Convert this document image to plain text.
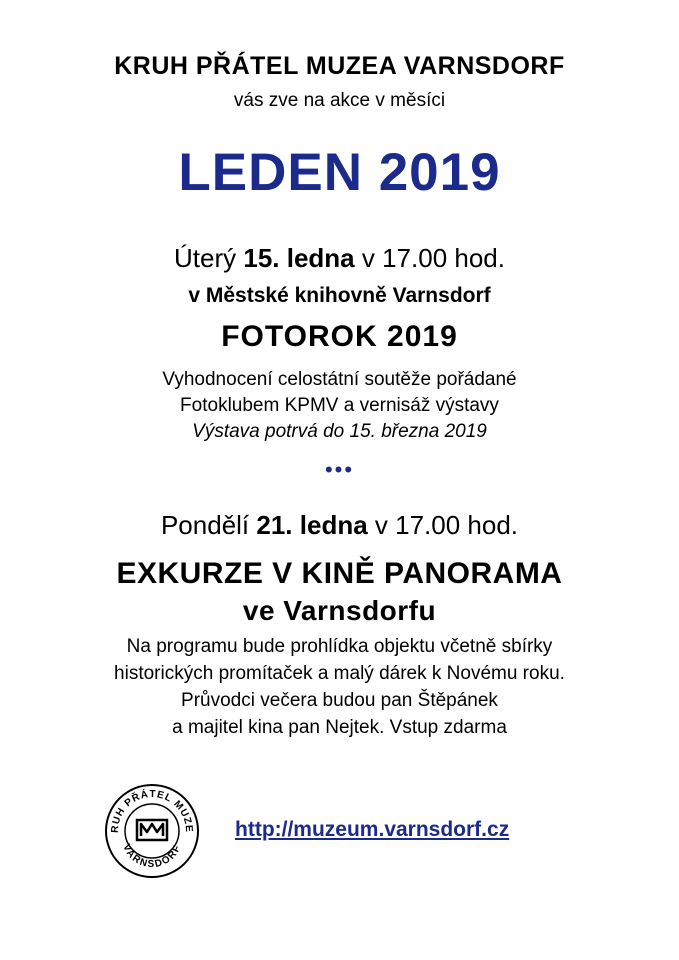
KRUH PŘÁTEL MUZEA VARNSDORF
vás zve na akce v měsíci
LEDEN 2019
Úterý 15. ledna v 17.00 hod.
v Městské knihovně Varnsdorf
FOTOROK 2019
Vyhodnocení celostátní soutěže pořádané
Fotoklubem KPMV a vernisáž výstavy
Výstava potrvá do 15. března 2019
•••
Pondělí 21. ledna v 17.00 hod.
EXKURZE V KINĚ PANORAMA
ve Varnsdorfu
Na programu bude prohlídka objektu včetně sbírky
historických promítaček a malý dárek k Novému roku.
Průvodci večera budou pan Štěpánek
a majitel kina pan Nejtek. Vstup zdarma
RUH PŘÁTEL MUZE
VARNSDORF
http://muzeum.varnsdorf.cz
